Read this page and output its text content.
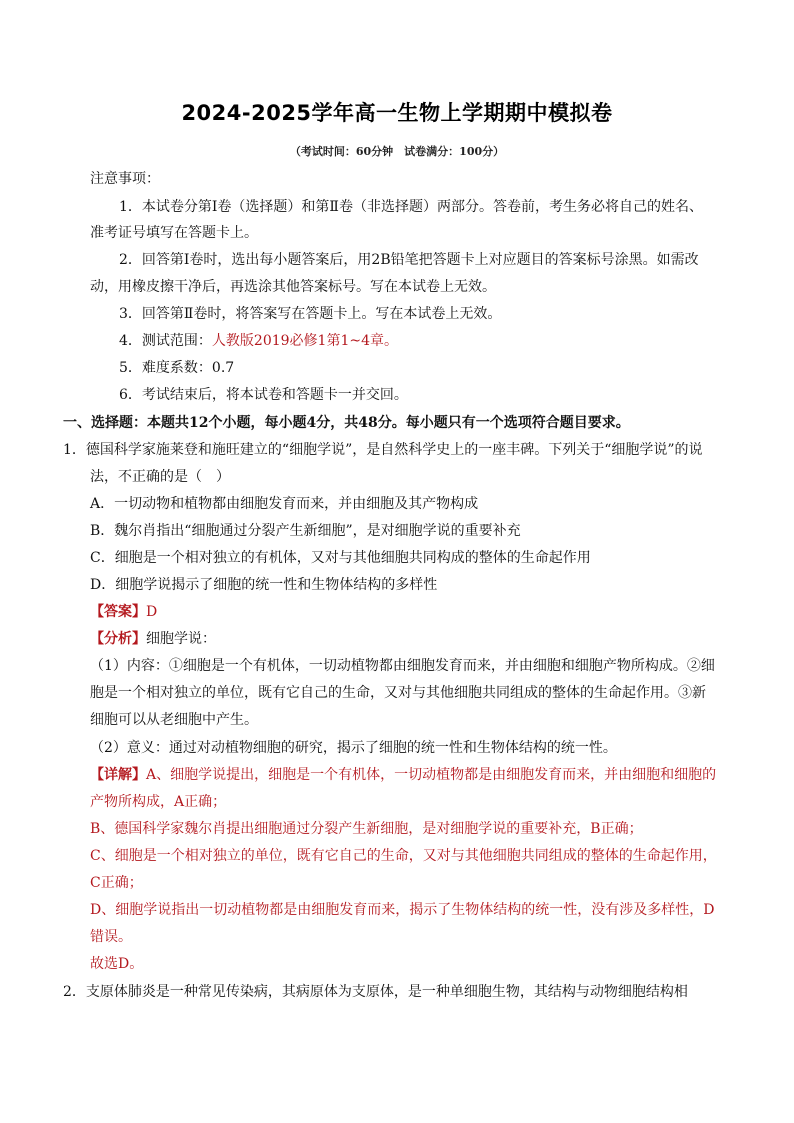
2024-2025学年高一生物上学期期中模拟卷
（考试时间：60分钟　试卷满分：100分）
注意事项：
1．本试卷分第Ⅰ卷（选择题）和第Ⅱ卷（非选择题）两部分。答卷前，考生务必将自己的姓名、
准考证号填写在答题卡上。
2．回答第Ⅰ卷时，选出每小题答案后，用2B铅笔把答题卡上对应题目的答案标号涂黑。如需改
动，用橡皮擦干净后，再选涂其他答案标号。写在本试卷上无效。
3．回答第Ⅱ卷时，将答案写在答题卡上。写在本试卷上无效。
4．测试范围：人教版2019必修1第1~4章。
5．难度系数：0.7
6．考试结束后，将本试卷和答题卡一并交回。
一、选择题：本题共12个小题，每小题4分，共48分。每小题只有一个选项符合题目要求。
1．德国科学家施莱登和施旺建立的“细胞学说”，是自然科学史上的一座丰碑。下列关于“细胞学说”的说
法，不正确的是（　）
A．一切动物和植物都由细胞发育而来，并由细胞及其产物构成
B．魏尔肖指出“细胞通过分裂产生新细胞”，是对细胞学说的重要补充
C．细胞是一个相对独立的有机体，又对与其他细胞共同构成的整体的生命起作用
D．细胞学说揭示了细胞的统一性和生物体结构的多样性
【答案】D
【分析】细胞学说：
（1）内容：①细胞是一个有机体，一切动植物都由细胞发育而来，并由细胞和细胞产物所构成。②细
胞是一个相对独立的单位，既有它自己的生命，又对与其他细胞共同组成的整体的生命起作用。③新
细胞可以从老细胞中产生。
（2）意义：通过对动植物细胞的研究，揭示了细胞的统一性和生物体结构的统一性。
【详解】A、细胞学说提出，细胞是一个有机体，一切动植物都是由细胞发育而来，并由细胞和细胞的
产物所构成，A正确；
B、德国科学家魏尔肖提出细胞通过分裂产生新细胞，是对细胞学说的重要补充，B正确；
C、细胞是一个相对独立的单位，既有它自己的生命，又对与其他细胞共同组成的整体的生命起作用，
C正确；
D、细胞学说指出一切动植物都是由细胞发育而来，揭示了生物体结构的统一性，没有涉及多样性，D
错误。
故选D。
2．支原体肺炎是一种常见传染病，其病原体为支原体，是一种单细胞生物，其结构与动物细胞结构相
